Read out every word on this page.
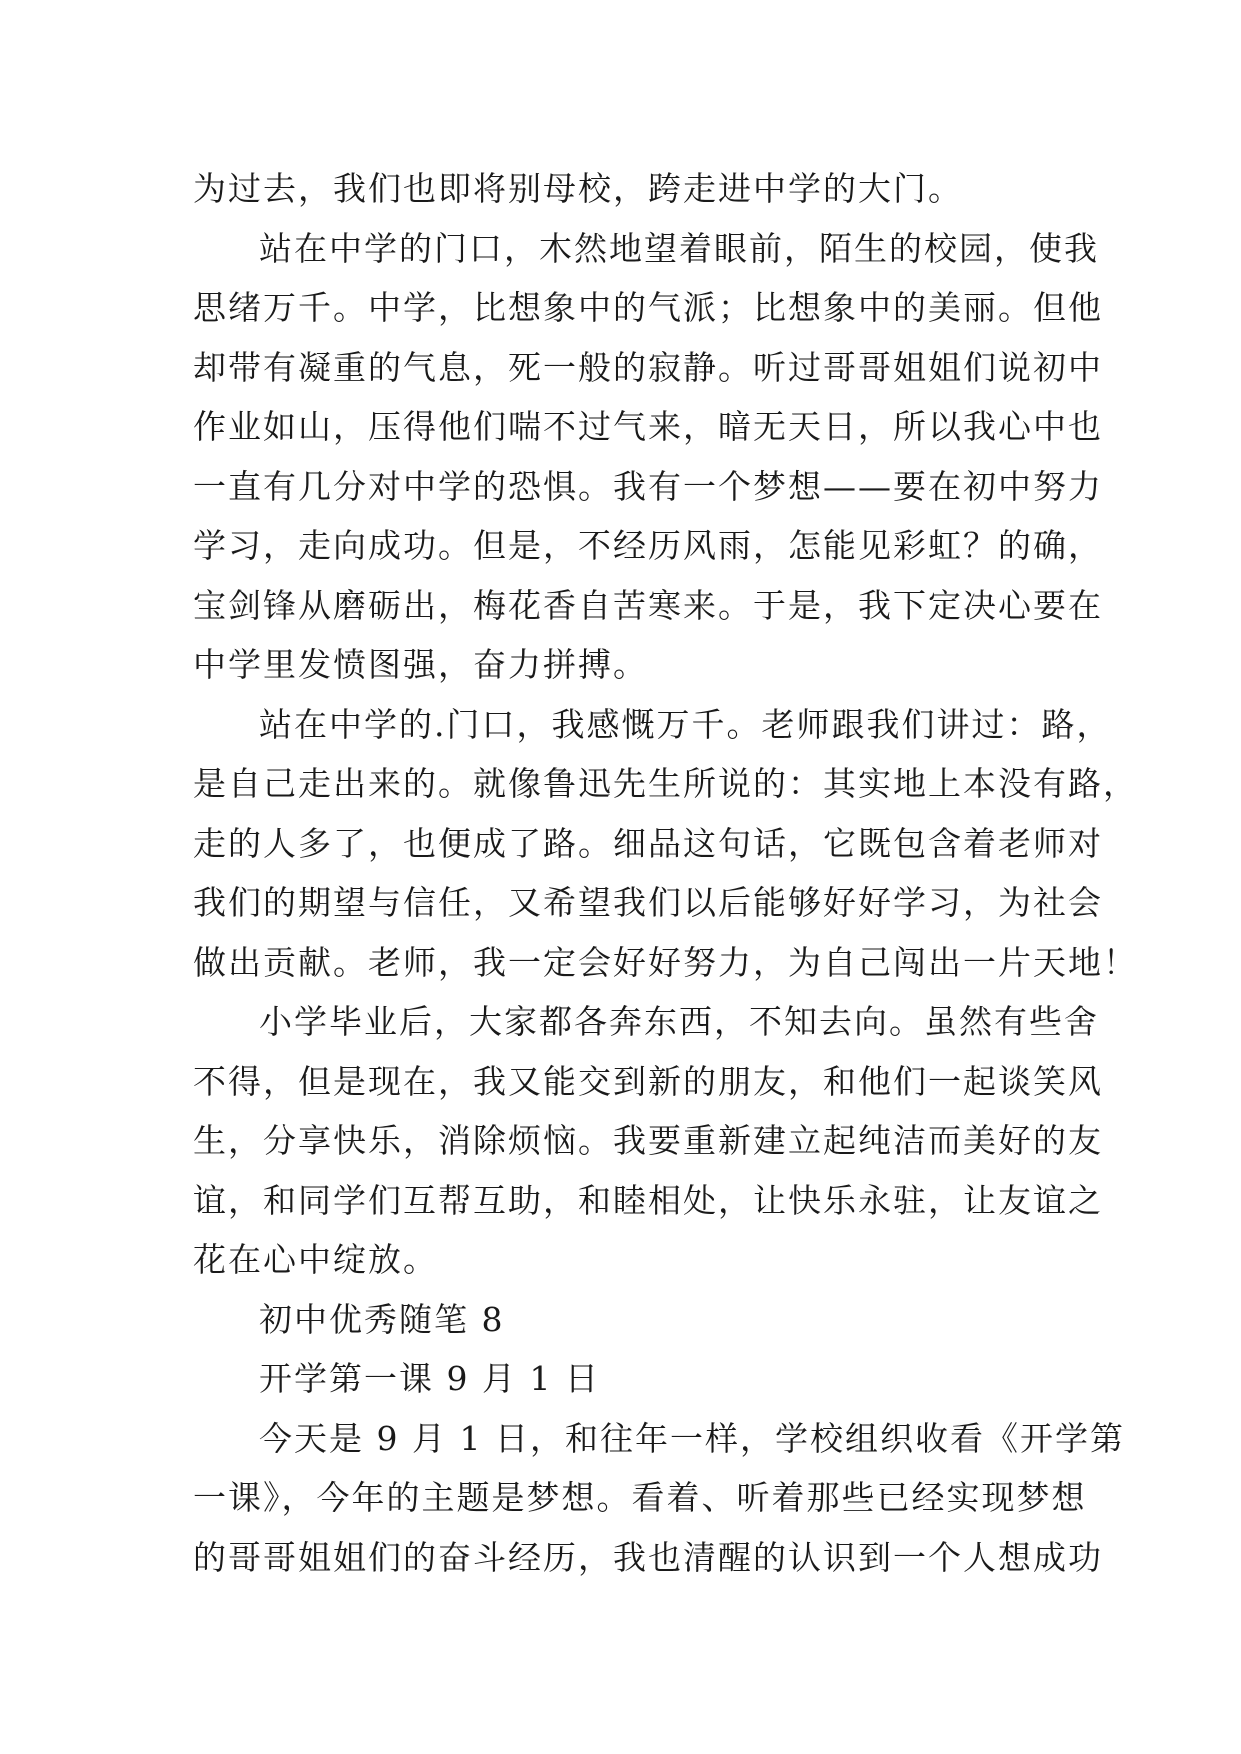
为过去，我们也即将别母校，跨走进中学的大门。
站在中学的门口，木然地望着眼前，陌生的校园，使我
思绪万千。中学，比想象中的气派；比想象中的美丽。但他
却带有凝重的气息，死一般的寂静。听过哥哥姐姐们说初中
作业如山，压得他们喘不过气来，暗无天日，所以我心中也
一直有几分对中学的恐惧。我有一个梦想——要在初中努力
学习，走向成功。但是，不经历风雨，怎能见彩虹？的确，
宝剑锋从磨砺出，梅花香自苦寒来。于是，我下定决心要在
中学里发愤图强，奋力拼搏。
站在中学的.门口，我感慨万千。老师跟我们讲过：路，
是自己走出来的。就像鲁迅先生所说的：其实地上本没有路，
走的人多了，也便成了路。细品这句话，它既包含着老师对
我们的期望与信任，又希望我们以后能够好好学习，为社会
做出贡献。老师，我一定会好好努力，为自己闯出一片天地！
小学毕业后，大家都各奔东西，不知去向。虽然有些舍
不得，但是现在，我又能交到新的朋友，和他们一起谈笑风
生，分享快乐，消除烦恼。我要重新建立起纯洁而美好的友
谊，和同学们互帮互助，和睦相处，让快乐永驻，让友谊之
花在心中绽放。
初中优秀随笔 8
开学第一课 9 月 1 日
今天是 9 月 1 日，和往年一样，学校组织收看《开学第
一课》，今年的主题是梦想。看着、听着那些已经实现梦想
的哥哥姐姐们的奋斗经历，我也清醒的认识到一个人想成功
